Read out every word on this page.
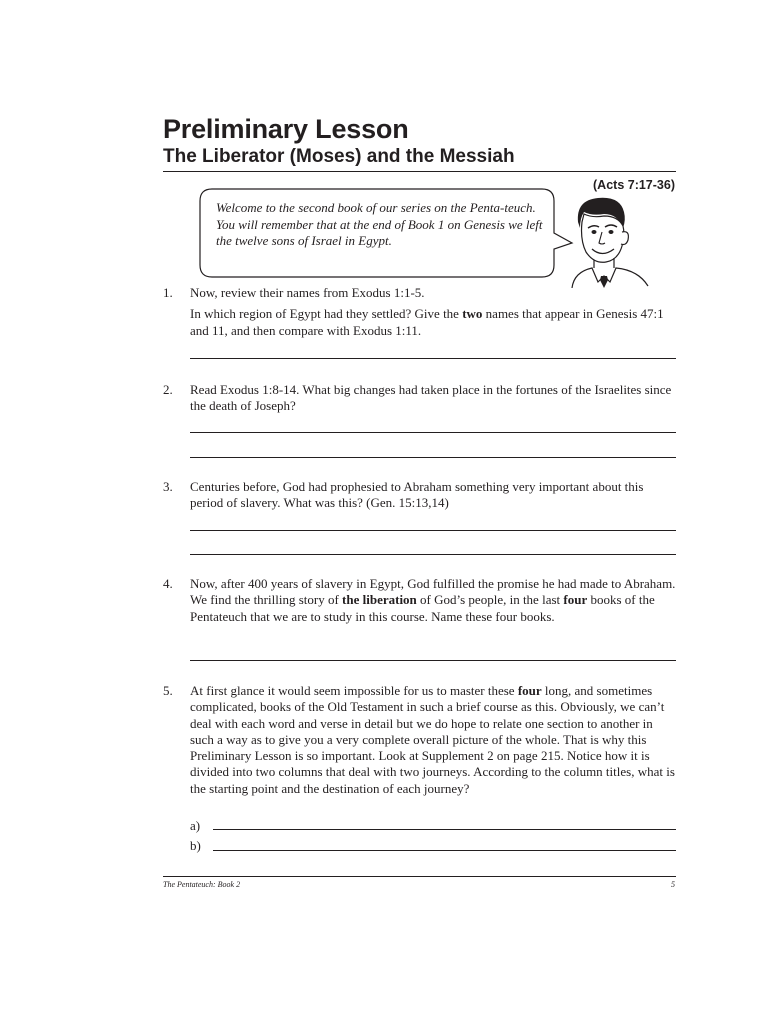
Preliminary Lesson
The Liberator (Moses) and the Messiah
(Acts 7:17-36)
Welcome to the second book of our series on the Penta-teuch. You will remember that at the end of Book 1 on Genesis we left the twelve sons of Israel in Egypt.
1. Now, review their names from Exodus 1:1-5.

In which region of Egypt had they settled? Give the two names that appear in Genesis 47:1 and 11, and then compare with Exodus 1:11.

2. Read Exodus 1:8-14. What big changes had taken place in the fortunes of the Israelites since the death of Joseph?

3. Centuries before, God had prophesied to Abraham something very important about this period of slavery. What was this? (Gen. 15:13,14)

4. Now, after 400 years of slavery in Egypt, God fulfilled the promise he had made to Abraham. We find the thrilling story of the liberation of God’s people, in the last four books of the Pentateuch that we are to study in this course. Name these four books.

5. At first glance it would seem impossible for us to master these four long, and sometimes complicated, books of the Old Testament in such a brief course as this. Obviously, we can’t deal with each word and verse in detail but we do hope to relate one section to another in such a way as to give you a very complete overall picture of the whole. That is why this Preliminary Lesson is so important. Look at Supplement 2 on page 215. Notice how it is divided into two columns that deal with two journeys. According to the column titles, what is the starting point and the destination of each journey?

a)
b)
The Pentateuch: Book 2	5
